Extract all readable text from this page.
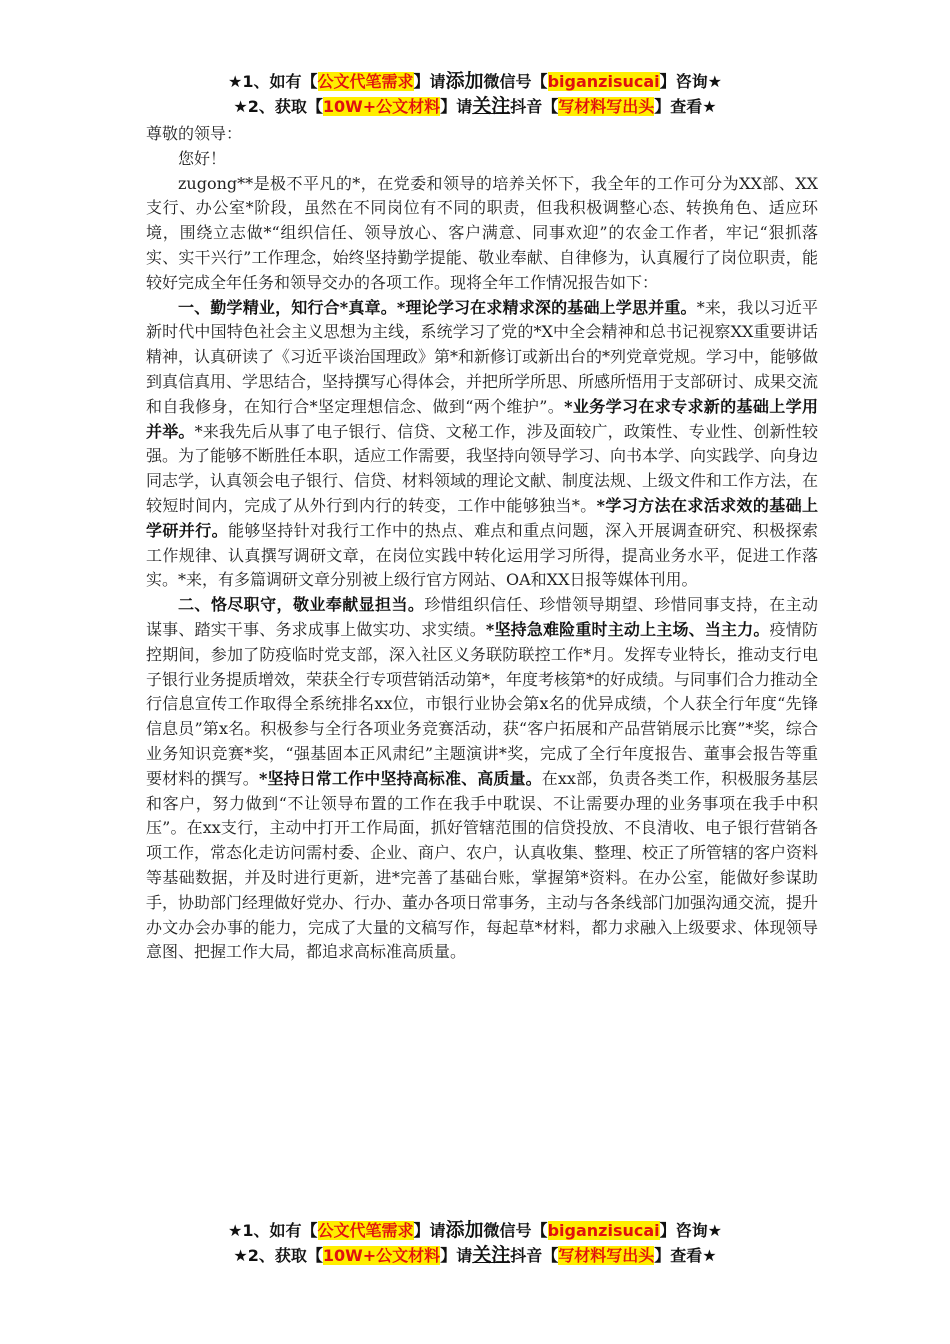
★1、如有【公文代笔需求】请添加微信号【biganzisucai】咨询★
★2、获取【10W+公文材料】请关注抖音【写材料写出头】查看★

尊敬的领导：

您好！

zugong**是极不平凡的*，在党委和领导的培养关怀下，我全年的工作可分为XX部、XX支行、办公室*阶段，虽然在不同岗位有不同的职责，但我积极调整心态、转换角色、适应环境，围绕立志做*“组织信任、领导放心、客户满意、同事欢迎”的农金工作者，牢记“狠抓落实、实干兴行”工作理念，始终坚持勤学提能、敬业奉献、自律修为，认真履行了岗位职责，能较好完成全年任务和领导交办的各项工作。现将全年工作情况报告如下：

一、勤学精业，知行合*真章。*理论学习在求精求深的基础上学思并重。*来，我以习近平新时代中国特色社会主义思想为主线，系统学习了党的*X中全会精神和总书记视察XX重要讲话精神，认真研读了《习近平谈治国理政》第*和新修订或新出台的*列党章党规。学习中，能够做到真信真用、学思结合，坚持撰写心得体会，并把所学所思、所感所悟用于支部研讨、成果交流和自我修身，在知行合*坚定理想信念、做到“两个维护”。*业务学习在求专求新的基础上学用并举。*来我先后从事了电子银行、信贷、文秘工作，涉及面较广，政策性、专业性、创新性较强。为了能够不断胜任本职，适应工作需要，我坚持向领导学习、向书本学、向实践学、向身边同志学，认真领会电子银行、信贷、材料领域的理论文献、制度法规、上级文件和工作方法，在较短时间内，完成了从外行到内行的转变，工作中能够独当*。*学习方法在求活求效的基础上学研并行。能够坚持针对我行工作中的热点、难点和重点问题，深入开展调查研究、积极探索工作规律、认真撰写调研文章，在岗位实践中转化运用学习所得，提高业务水平，促进工作落实。*来，有多篇调研文章分别被上级行官方网站、OA和XX日报等媒体刊用。

二、恪尽职守，敬业奉献显担当。珍惜组织信任、珍惜领导期望、珍惜同事支持，在主动谋事、踏实干事、务求成事上做实功、求实绩。*坚持急难险重时主动上主场、当主力。疫情防控期间，参加了防疫临时党支部，深入社区义务联防联控工作*月。发挥专业特长，推动支行电子银行业务提质增效，荣获全行专项营销活动第*，年度考核第*的好成绩。与同事们合力推动全行信息宣传工作取得全系统排名xx位，市银行业协会第x名的优异成绩，个人获全行年度“先锋信息员”第x名。积极参与全行各项业务竞赛活动，获“客户拓展和产品营销展示比赛”*奖，综合业务知识竞赛*奖，“强基固本正风肃纪”主题演讲*奖，完成了全行年度报告、董事会报告等重要材料的撰写。*坚持日常工作中坚持高标准、高质量。在xx部，负责各类工作，积极服务基层和客户，努力做到“不让领导布置的工作在我手中耽误、不让需要办理的业务事项在我手中积压”。在xx支行，主动中打开工作局面，抓好管辖范围的信贷投放、不良清收、电子银行营销各项工作，常态化走访问需村委、企业、商户、农户，认真收集、整理、校正了所管辖的客户资料等基础数据，并及时进行更新，进*完善了基础台账，掌握第*资料。在办公室，能做好参谋助手，协助部门经理做好党办、行办、董办各项日常事务，主动与各条线部门加强沟通交流，提升办文办会办事的能力，完成了大量的文稿写作，每起草*材料，都力求融入上级要求、体现领导意图、把握工作大局，都追求高标准高质量。

★1、如有【公文代笔需求】请添加微信号【biganzisucai】咨询★
★2、获取【10W+公文材料】请关注抖音【写材料写出头】查看★
